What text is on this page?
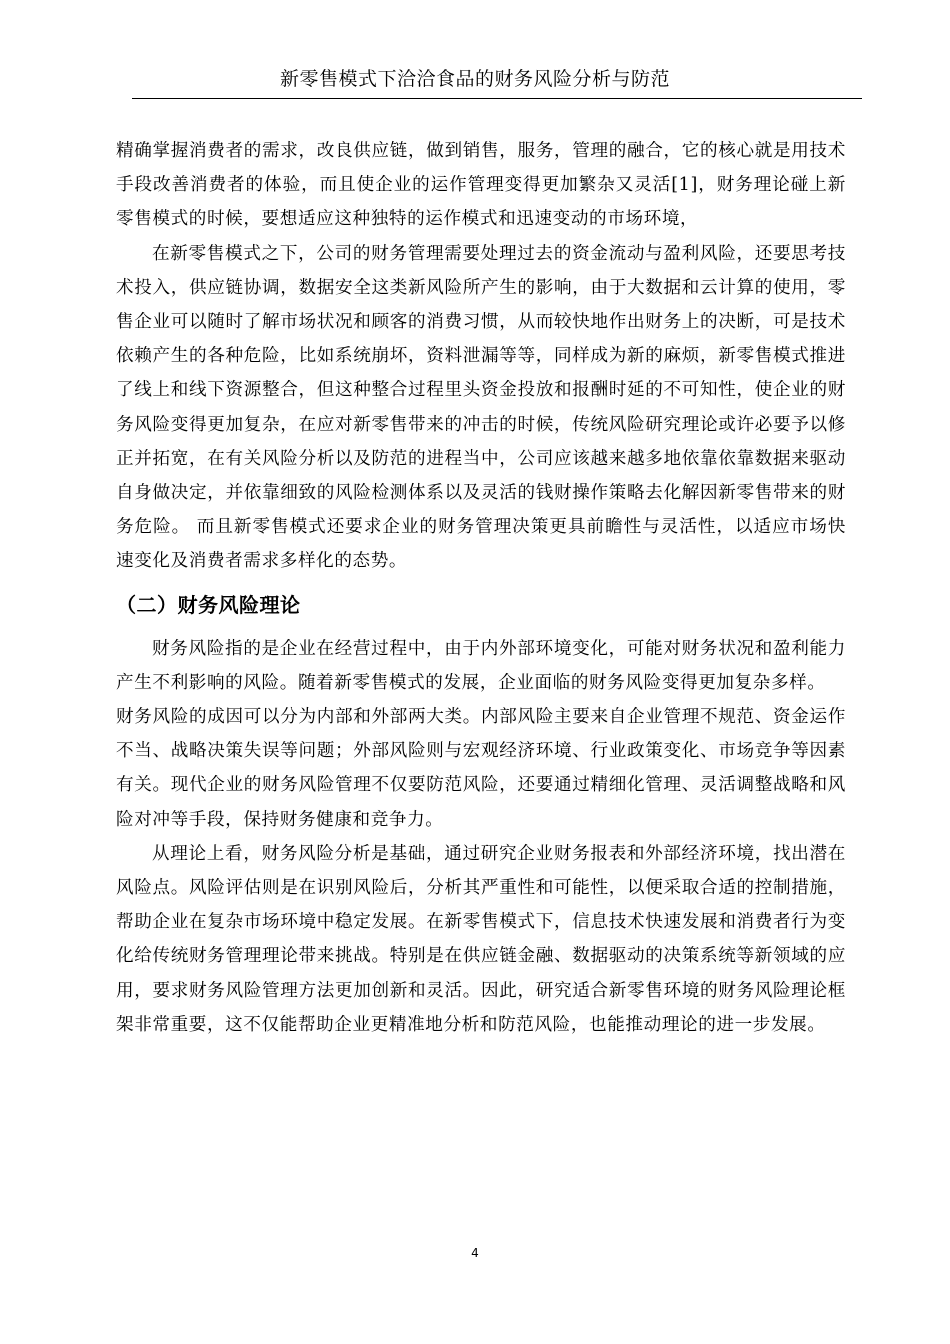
新零售模式下洽洽食品的财务风险分析与防范

精确掌握消费者的需求，改良供应链，做到销售，服务，管理的融合，它的核心就是用技术手段改善消费者的体验，而且使企业的运作管理变得更加繁杂又灵活[1]，财务理论碰上新零售模式的时候，要想适应这种独特的运作模式和迅速变动的市场环境，

在新零售模式之下，公司的财务管理需要处理过去的资金流动与盈利风险，还要思考技术投入，供应链协调，数据安全这类新风险所产生的影响，由于大数据和云计算的使用，零售企业可以随时了解市场状况和顾客的消费习惯，从而较快地作出财务上的决断，可是技术依赖产生的各种危险，比如系统崩坏，资料泄漏等等，同样成为新的麻烦，新零售模式推进了线上和线下资源整合，但这种整合过程里头资金投放和报酬时延的不可知性，使企业的财务风险变得更加复杂，在应对新零售带来的冲击的时候，传统风险研究理论或许必要予以修正并拓宽，在有关风险分析以及防范的进程当中，公司应该越来越多地依靠依靠数据来驱动自身做决定，并依靠细致的风险检测体系以及灵活的钱财操作策略去化解因新零售带来的财务危险。 而且新零售模式还要求企业的财务管理决策更具前瞻性与灵活性，以适应市场快速变化及消费者需求多样化的态势。

（二）财务风险理论

财务风险指的是企业在经营过程中，由于内外部环境变化，可能对财务状况和盈利能力产生不利影响的风险。随着新零售模式的发展，企业面临的财务风险变得更加复杂多样。

财务风险的成因可以分为内部和外部两大类。内部风险主要来自企业管理不规范、资金运作不当、战略决策失误等问题；外部风险则与宏观经济环境、行业政策变化、市场竞争等因素有关。现代企业的财务风险管理不仅要防范风险，还要通过精细化管理、灵活调整战略和风险对冲等手段，保持财务健康和竞争力。

从理论上看，财务风险分析是基础，通过研究企业财务报表和外部经济环境，找出潜在风险点。风险评估则是在识别风险后，分析其严重性和可能性，以便采取合适的控制措施，帮助企业在复杂市场环境中稳定发展。在新零售模式下，信息技术快速发展和消费者行为变化给传统财务管理理论带来挑战。特别是在供应链金融、数据驱动的决策系统等新领域的应用，要求财务风险管理方法更加创新和灵活。因此，研究适合新零售环境的财务风险理论框架非常重要，这不仅能帮助企业更精准地分析和防范风险，也能推动理论的进一步发展。

4
